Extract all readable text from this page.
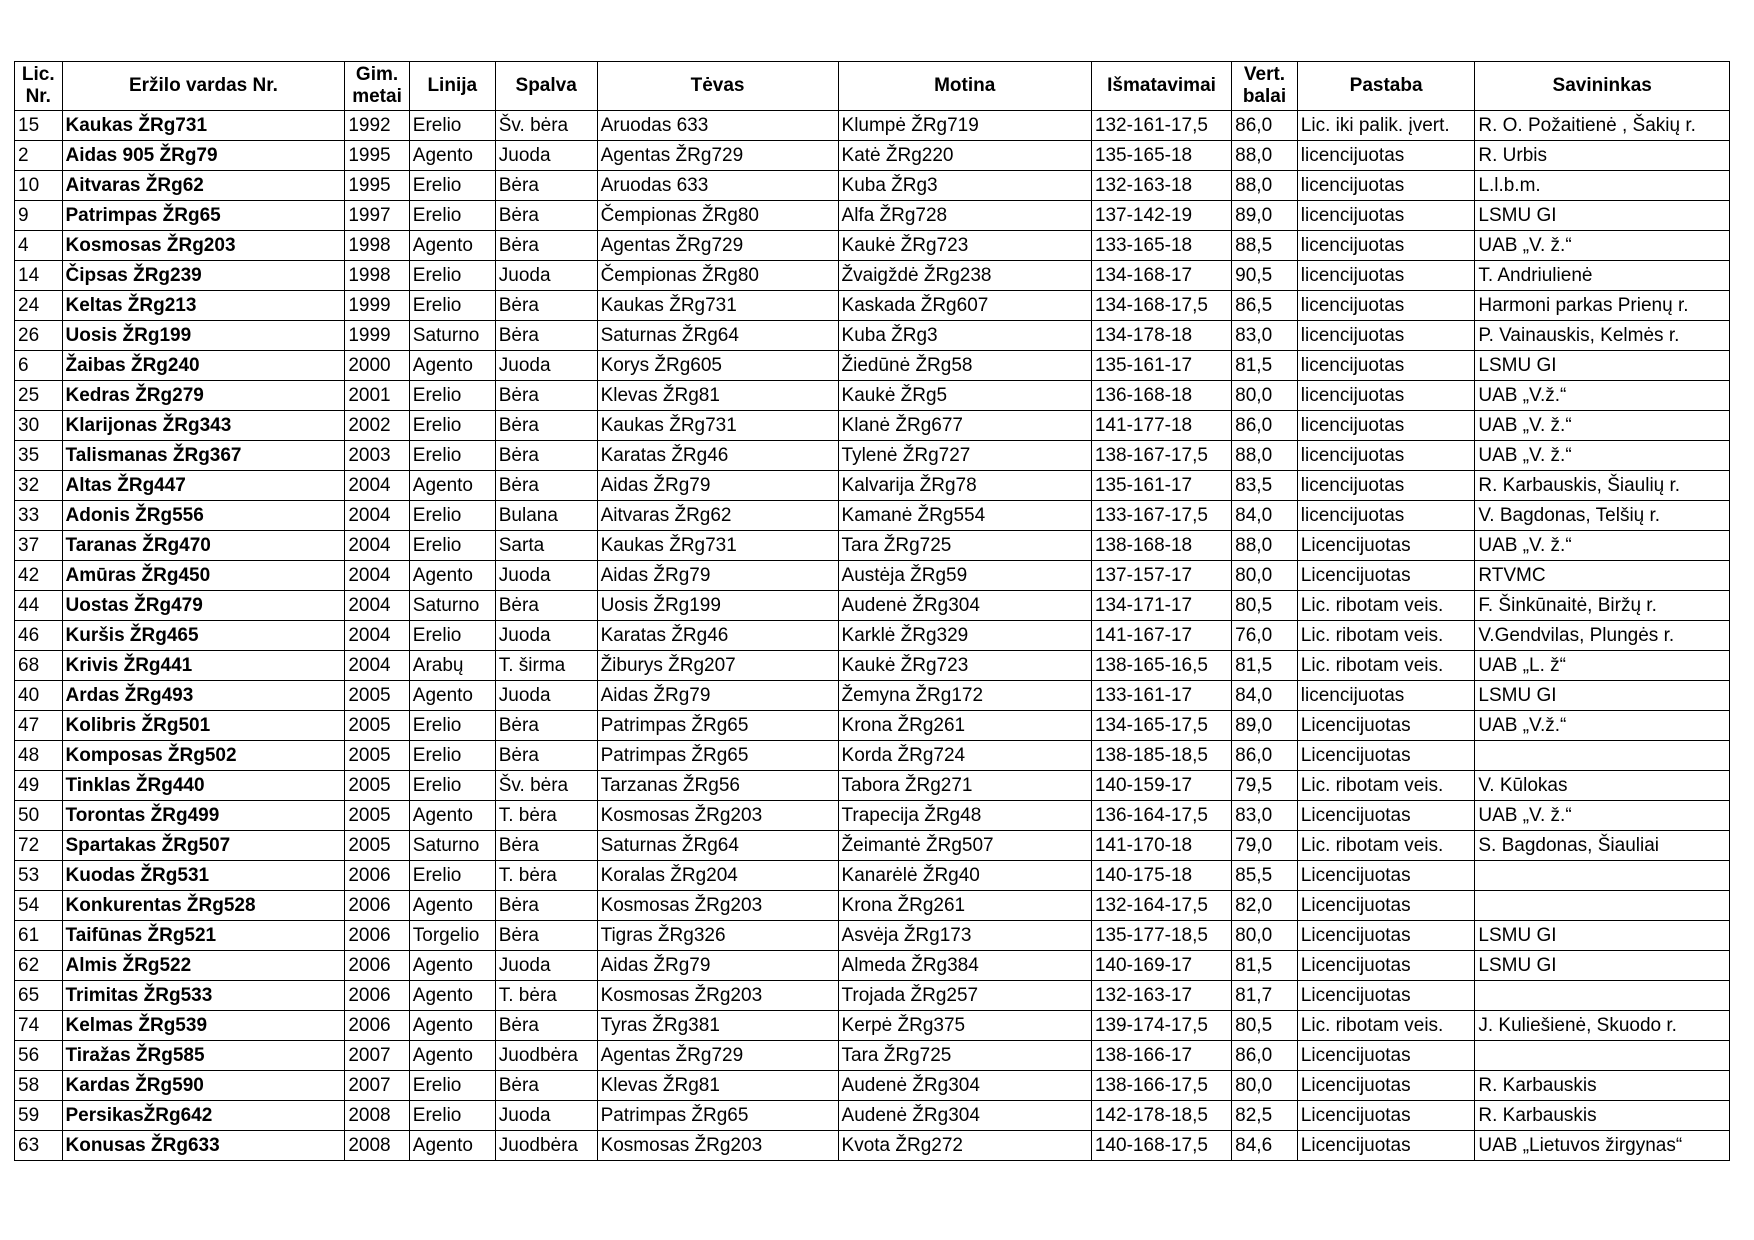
Lic. Nr.	Eržilo vardas Nr.	Gim. metai	Linija	Spalva	Tėvas	Motina	Išmatavimai	Vert. balai	Pastaba	Savininkas
15	Kaukas ŽRg731	1992	Erelio	Šv. bėra	Aruodas 633	Klumpė ŽRg719	132-161-17,5	86,0	Lic. iki palik. įvert.	R. O. Požaitienė , Šakių r.
2	Aidas 905 ŽRg79	1995	Agento	Juoda	Agentas ŽRg729	Katė ŽRg220	135-165-18	88,0	licencijuotas	R. Urbis
10	Aitvaras ŽRg62	1995	Erelio	Bėra	Aruodas 633	Kuba ŽRg3	132-163-18	88,0	licencijuotas	L.l.b.m.
9	Patrimpas ŽRg65	1997	Erelio	Bėra	Čempionas ŽRg80	Alfa ŽRg728	137-142-19	89,0	licencijuotas	LSMU GI
4	Kosmosas ŽRg203	1998	Agento	Bėra	Agentas ŽRg729	Kaukė ŽRg723	133-165-18	88,5	licencijuotas	UAB „V. ž.“
14	Čipsas ŽRg239	1998	Erelio	Juoda	Čempionas ŽRg80	Žvaigždė ŽRg238	134-168-17	90,5	licencijuotas	T. Andriulienė
24	Keltas ŽRg213	1999	Erelio	Bėra	Kaukas ŽRg731	Kaskada ŽRg607	134-168-17,5	86,5	licencijuotas	Harmoni parkas Prienų r.
26	Uosis ŽRg199	1999	Saturno	Bėra	Saturnas ŽRg64	Kuba ŽRg3	134-178-18	83,0	licencijuotas	P. Vainauskis, Kelmės r.
6	Žaibas ŽRg240	2000	Agento	Juoda	Korys ŽRg605	Žiedūnė ŽRg58	135-161-17	81,5	licencijuotas	LSMU GI
25	Kedras ŽRg279	2001	Erelio	Bėra	Klevas ŽRg81	Kaukė ŽRg5	136-168-18	80,0	licencijuotas	UAB „V.ž.“
30	Klarijonas ŽRg343	2002	Erelio	Bėra	Kaukas ŽRg731	Klanė ŽRg677	141-177-18	86,0	licencijuotas	UAB „V. ž.“
35	Talismanas ŽRg367	2003	Erelio	Bėra	Karatas ŽRg46	Tylenė ŽRg727	138-167-17,5	88,0	licencijuotas	UAB „V. ž.“
32	Altas ŽRg447	2004	Agento	Bėra	Aidas ŽRg79	Kalvarija ŽRg78	135-161-17	83,5	licencijuotas	R. Karbauskis, Šiaulių r.
33	Adonis ŽRg556	2004	Erelio	Bulana	Aitvaras ŽRg62	Kamanė ŽRg554	133-167-17,5	84,0	licencijuotas	V. Bagdonas, Telšių r.
37	Taranas ŽRg470	2004	Erelio	Sarta	Kaukas ŽRg731	Tara ŽRg725	138-168-18	88,0	Licencijuotas	UAB „V. ž.“
42	Amūras ŽRg450	2004	Agento	Juoda	Aidas ŽRg79	Austėja ŽRg59	137-157-17	80,0	Licencijuotas	RTVMC
44	Uostas ŽRg479	2004	Saturno	Bėra	Uosis ŽRg199	Audenė ŽRg304	134-171-17	80,5	Lic. ribotam veis.	F. Šinkūnaitė, Biržų r.
46	Kuršis ŽRg465	2004	Erelio	Juoda	Karatas ŽRg46	Karklė ŽRg329	141-167-17	76,0	Lic. ribotam veis.	V.Gendvilas, Plungės r.
68	Krivis ŽRg441	2004	Arabų	T. širma	Žiburys ŽRg207	Kaukė ŽRg723	138-165-16,5	81,5	Lic. ribotam veis.	UAB „L. ž“
40	Ardas ŽRg493	2005	Agento	Juoda	Aidas ŽRg79	Žemyna ŽRg172	133-161-17	84,0	licencijuotas	LSMU GI
47	Kolibris ŽRg501	2005	Erelio	Bėra	Patrimpas ŽRg65	Krona ŽRg261	134-165-17,5	89,0	Licencijuotas	UAB „V.ž.“
48	Komposas ŽRg502	2005	Erelio	Bėra	Patrimpas ŽRg65	Korda ŽRg724	138-185-18,5	86,0	Licencijuotas	
49	Tinklas ŽRg440	2005	Erelio	Šv. bėra	Tarzanas ŽRg56	Tabora ŽRg271	140-159-17	79,5	Lic. ribotam veis.	V. Kūlokas
50	Torontas ŽRg499	2005	Agento	T. bėra	Kosmosas ŽRg203	Trapecija ŽRg48	136-164-17,5	83,0	Licencijuotas	UAB „V. ž.“
72	Spartakas ŽRg507	2005	Saturno	Bėra	Saturnas ŽRg64	Žeimantė ŽRg507	141-170-18	79,0	Lic. ribotam veis.	S. Bagdonas, Šiauliai
53	Kuodas ŽRg531	2006	Erelio	T. bėra	Koralas ŽRg204	Kanarėlė ŽRg40	140-175-18	85,5	Licencijuotas	
54	Konkurentas ŽRg528	2006	Agento	Bėra	Kosmosas ŽRg203	Krona ŽRg261	132-164-17,5	82,0	Licencijuotas	
61	Taifūnas ŽRg521	2006	Torgelio	Bėra	Tigras ŽRg326	Asvėja ŽRg173	135-177-18,5	80,0	Licencijuotas	LSMU GI
62	Almis ŽRg522	2006	Agento	Juoda	Aidas ŽRg79	Almeda ŽRg384	140-169-17	81,5	Licencijuotas	LSMU GI
65	Trimitas ŽRg533	2006	Agento	T. bėra	Kosmosas ŽRg203	Trojada ŽRg257	132-163-17	81,7	Licencijuotas	
74	Kelmas ŽRg539	2006	Agento	Bėra	Tyras ŽRg381	Kerpė ŽRg375	139-174-17,5	80,5	Lic. ribotam veis.	J. Kuliešienė, Skuodo r.
56	Tiražas ŽRg585	2007	Agento	Juodbėra	Agentas ŽRg729	Tara ŽRg725	138-166-17	86,0	Licencijuotas	
58	Kardas ŽRg590	2007	Erelio	Bėra	Klevas ŽRg81	Audenė ŽRg304	138-166-17,5	80,0	Licencijuotas	R. Karbauskis
59	PersikasŽRg642	2008	Erelio	Juoda	Patrimpas ŽRg65	Audenė ŽRg304	142-178-18,5	82,5	Licencijuotas	R. Karbauskis
63	Konusas ŽRg633	2008	Agento	Juodbėra	Kosmosas ŽRg203	Kvota ŽRg272	140-168-17,5	84,6	Licencijuotas	UAB „Lietuvos žirgynas“
